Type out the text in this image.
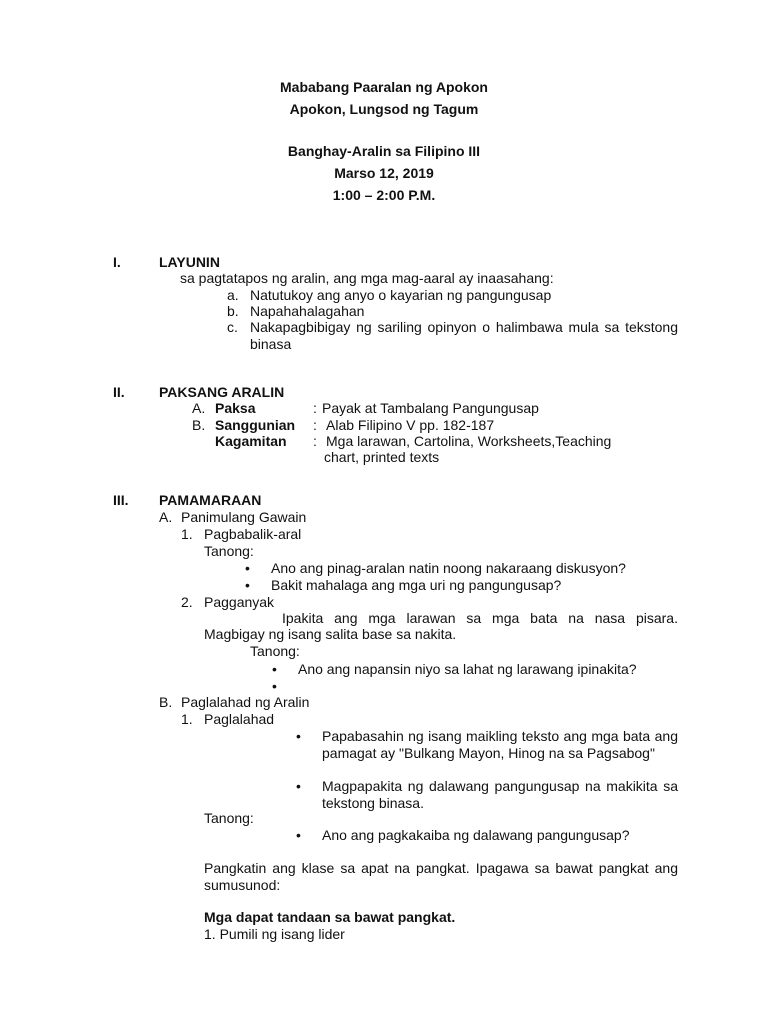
Mababang Paaralan ng Apokon
Apokon, Lungsod ng Tagum
Banghay-Aralin sa Filipino III
Marso 12, 2019
1:00 – 2:00 P.M.
I.	LAYUNIN
sa pagtatapos ng aralin, ang mga mag-aaral ay inaasahang:
a. Natutukoy ang anyo o kayarian ng pangungusap
b. Napahahalagahan
c. Nakapagbibigay ng sariling opinyon o halimbawa mula sa tekstong binasa
II. PAKSANG ARALIN
A. Paksa	: Payak at Tambalang Pangungusap
B. Sanggunian : Alab Filipino V pp. 182-187
Kagamitan : Mga larawan, Cartolina, Worksheets,Teaching
chart, printed texts
III. PAMAMARAAN
A. Panimulang Gawain
1. Pagbabalik-aral
Tanong:
• Ano ang pinag-aralan natin noong nakaraang diskusyon?
• Bakit mahalaga ang mga uri ng pangungusap?
2. Pagganyak
Ipakita ang mga larawan sa mga bata na nasa pisara.
Magbigay ng isang salita base sa nakita.
Tanong:
• Ano ang napansin niyo sa lahat ng larawang ipinakita?
B. Paglalahad ng Aralin
1. Paglalahad
• Papabasahin ng isang maikling teksto ang mga bata ang pamagat ay "Bulkang Mayon, Hinog na sa Pagsabog"
• Magpapakita ng dalawang pangungusap na makikita sa tekstong binasa.
Tanong:
• Ano ang pagkakaiba ng dalawang pangungusap?
Pangkatin ang klase sa apat na pangkat. Ipagawa sa bawat pangkat ang sumusunod:
Mga dapat tandaan sa bawat pangkat.
1. Pumili ng isang lider
